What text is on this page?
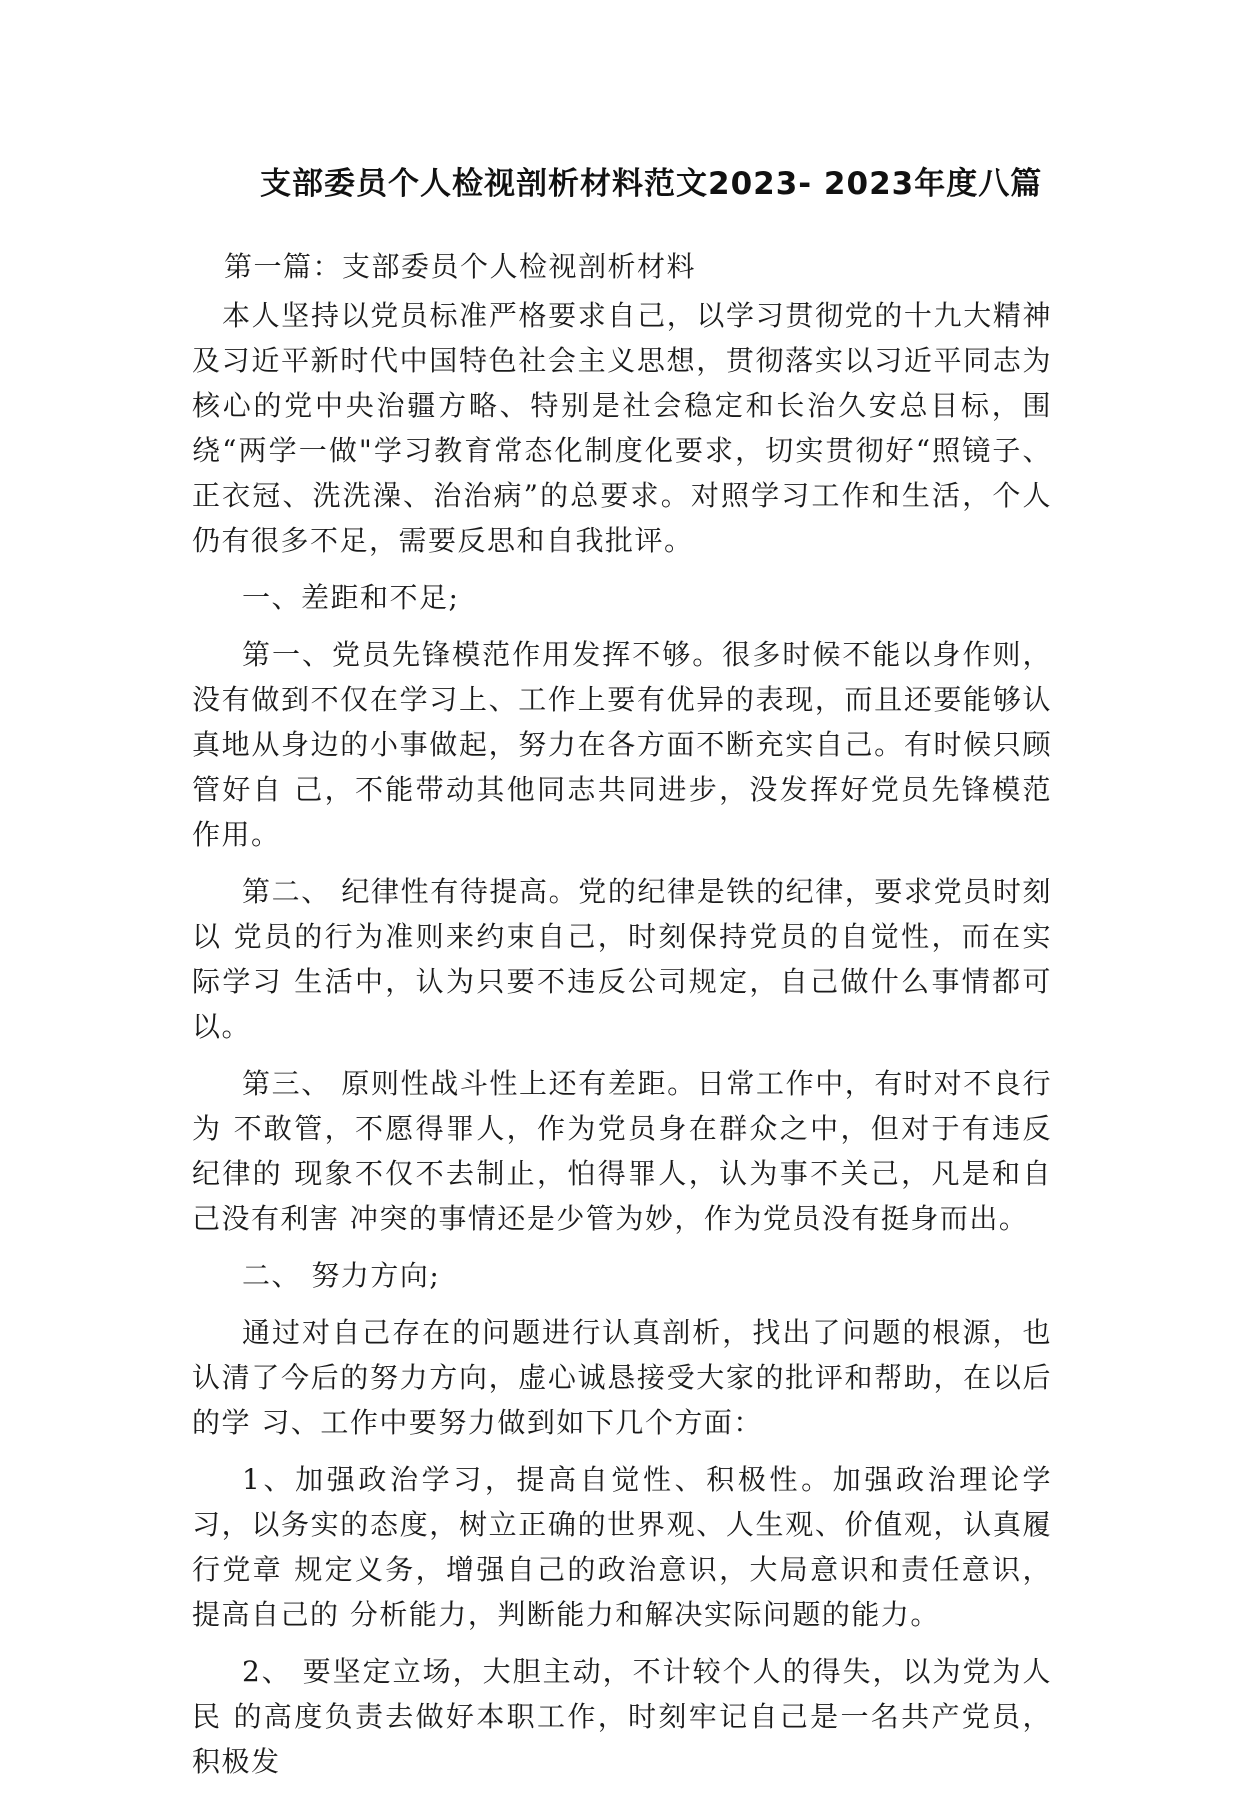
支部委员个人检视剖析材料范文2023- 2023年度八篇

第一篇：支部委员个人检视剖析材料

本人坚持以党员标准严格要求自己，以学习贯彻党的十九大精神及习近平新时代中国特色社会主义思想，贯彻落实以习近平同志为核心的党中央治疆方略、特别是社会稳定和长治久安总目标，围绕“两学一做"学习教育常态化制度化要求，切实贯彻好“照镜子、正衣冠、洗洗澡、治治病”的总要求。对照学习工作和生活，个人仍有很多不足，需要反思和自我批评。

一、差距和不足;

第一、党员先锋模范作用发挥不够。很多时候不能以身作则，没有做到不仅在学习上、工作上要有优异的表现，而且还要能够认真地从身边的小事做起，努力在各方面不断充实自己。有时候只顾管好自 己，不能带动其他同志共同进步，没发挥好党员先锋模范作用。

第二、 纪律性有待提高。党的纪律是铁的纪律，要求党员时刻以 党员的行为准则来约束自己，时刻保持党员的自觉性，而在实际学习 生活中，认为只要不违反公司规定，自己做什么事情都可以。

第三、 原则性战斗性上还有差距。日常工作中，有时对不良行为 不敢管，不愿得罪人，作为党员身在群众之中，但对于有违反纪律的 现象不仅不去制止，怕得罪人，认为事不关己，凡是和自己没有利害 冲突的事情还是少管为妙，作为党员没有挺身而出。

二、 努力方向;

通过对自己存在的问题进行认真剖析，找出了问题的根源，也认清了今后的努力方向，虚心诚恳接受大家的批评和帮助，在以后的学 习、工作中要努力做到如下几个方面：

1、加强政治学习，提高自觉性、积极性。加强政治理论学习，以务实的态度，树立正确的世界观、人生观、价值观，认真履行党章 规定义务，增强自己的政治意识，大局意识和责任意识，提高自己的 分析能力，判断能力和解决实际问题的能力。

2、 要坚定立场，大胆主动，不计较个人的得失，以为党为人民 的高度负责去做好本职工作，时刻牢记自己是一名共产党员，积极发
